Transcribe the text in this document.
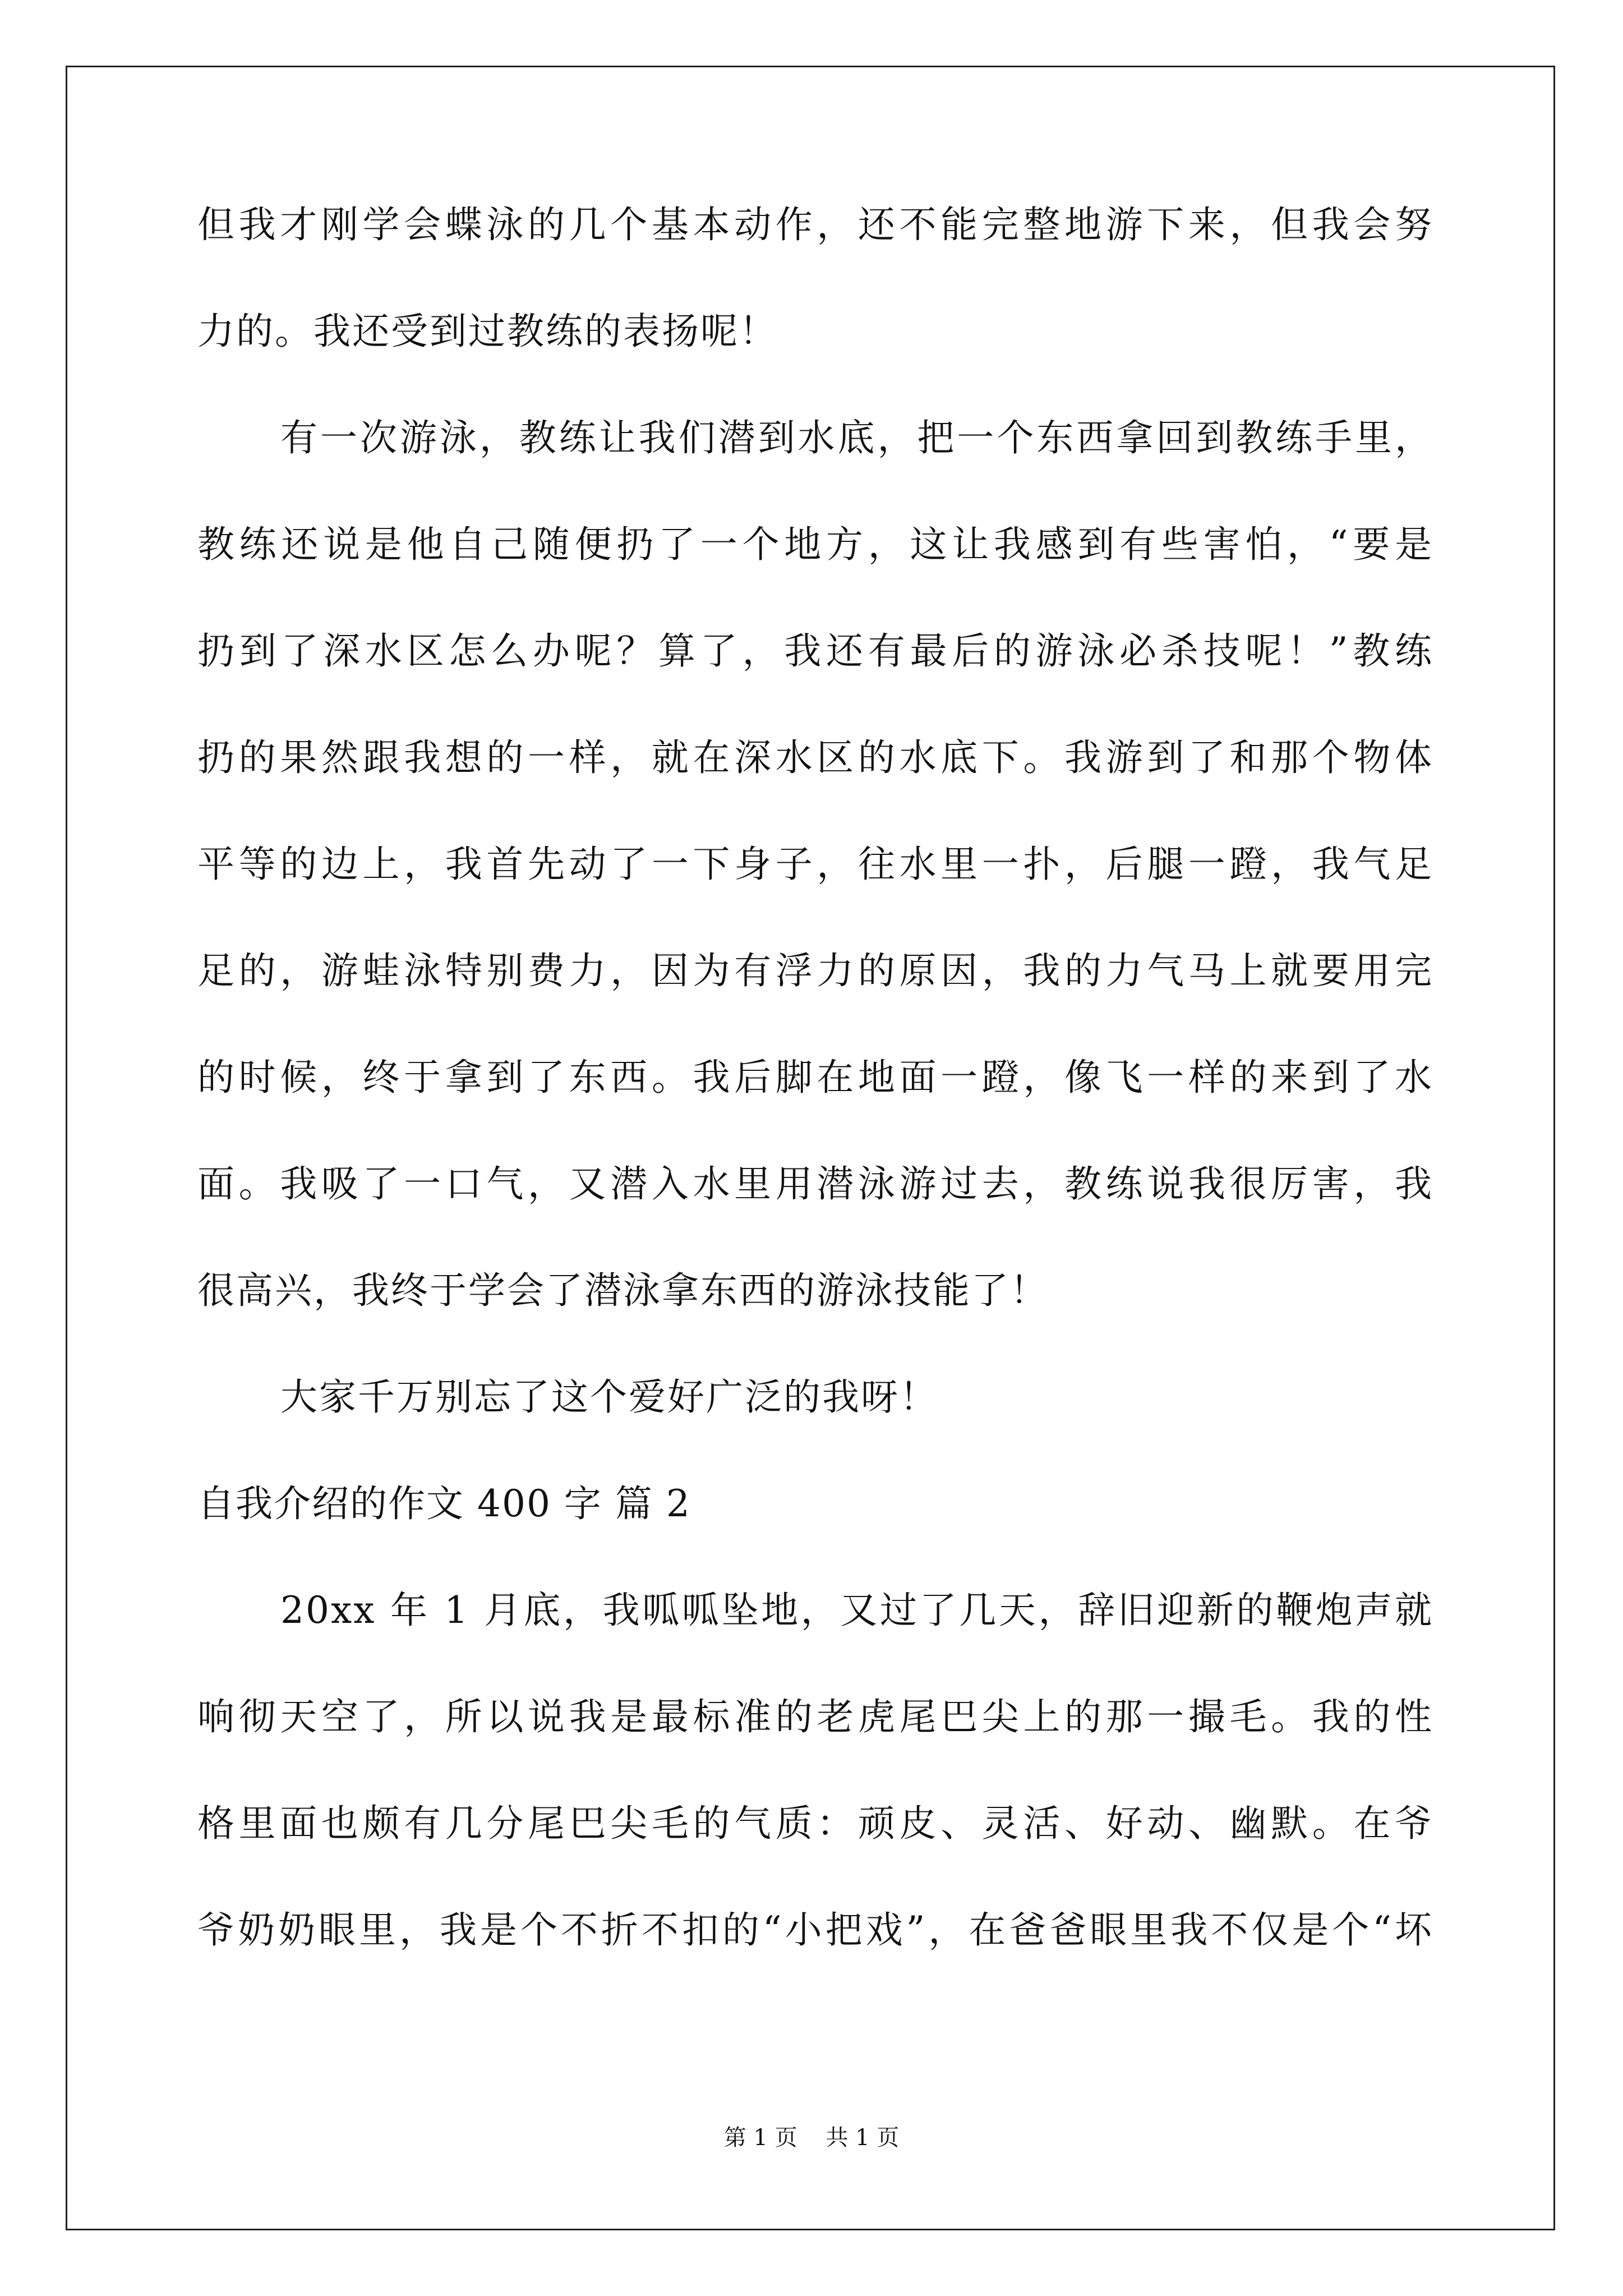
但我才刚学会蝶泳的几个基本动作，还不能完整地游下来，但我会努
力的。我还受到过教练的表扬呢！
有一次游泳，教练让我们潜到水底，把一个东西拿回到教练手里，
教练还说是他自己随便扔了一个地方，这让我感到有些害怕，“要是
扔到了深水区怎么办呢？算了，我还有最后的游泳必杀技呢！”教练
扔的果然跟我想的一样，就在深水区的水底下。我游到了和那个物体
平等的边上，我首先动了一下身子，往水里一扑，后腿一蹬，我气足
足的，游蛙泳特别费力，因为有浮力的原因，我的力气马上就要用完
的时候，终于拿到了东西。我后脚在地面一蹬，像飞一样的来到了水
面。我吸了一口气，又潜入水里用潜泳游过去，教练说我很厉害，我
很高兴，我终于学会了潜泳拿东西的游泳技能了！
大家千万别忘了这个爱好广泛的我呀！
自我介绍的作文 400 字 篇 2
20xx 年 1 月底，我呱呱坠地，又过了几天，辞旧迎新的鞭炮声就
响彻天空了，所以说我是最标准的老虎尾巴尖上的那一撮毛。我的性
格里面也颇有几分尾巴尖毛的气质：顽皮、灵活、好动、幽默。在爷
爷奶奶眼里，我是个不折不扣的“小把戏”，在爸爸眼里我不仅是个“坏
第 1 页    共 1 页
